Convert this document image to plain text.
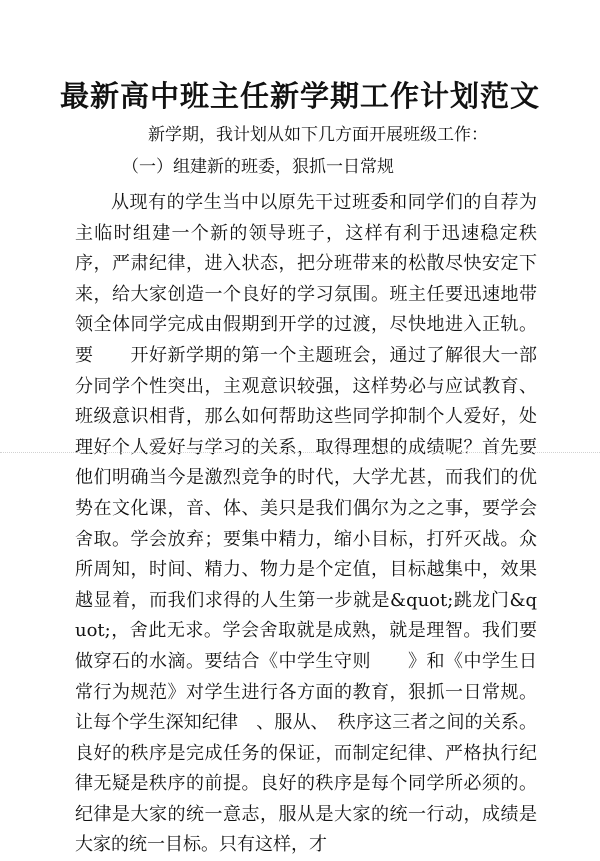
最新高中班主任新学期工作计划范文
新学期，我计划从如下几方面开展班级工作：
（一）组建新的班委，狠抓一日常规

从现有的学生当中以原先干过班委和同学们的自荐为主临时组建一个新的领导班子，这样有利于迅速稳定秩序，严肃纪律，进入状态，把分班带来的松散尽快安定下来，给大家创造一个良好的学习氛围。班主任要迅速地带领全体同学完成由假期到开学的过渡，尽快地进入正轨。要　　开好新学期的第一个主题班会，通过了解很大一部分同学个性突出，主观意识较强，这样势必与应试教育、班级意识相背，那么如何帮助这些同学抑制个人爱好，处理好个人爱好与学习的关系，取得理想的成绩呢？首先要他们明确当今是激烈竞争的时代，大学尤甚，而我们的优势在文化课，音、体、美只是我们偶尔为之之事，要学会舍取。学会放弃；要集中精力，缩小目标，打歼灭战。众所周知，时间、精力、物力是个定值，目标越集中，效果越显着，而我们求得的人生第一步就是&quot;跳龙门&quot;，舍此无求。学会舍取就是成熟，就是理智。我们要做穿石的水滴。要结合《中学生守则　　》和《中学生日常行为规范》对学生进行各方面的教育，狠抓一日常规。让每个学生深知纪律　、服从、　秩序这三者之间的关系。良好的秩序是完成任务的保证，而制定纪律、严格执行纪律无疑是秩序的前提。良好的秩序是每个同学所必须的。纪律是大家的统一意志，服从是大家的统一行动，成绩是大家的统一目标。只有这样，才
